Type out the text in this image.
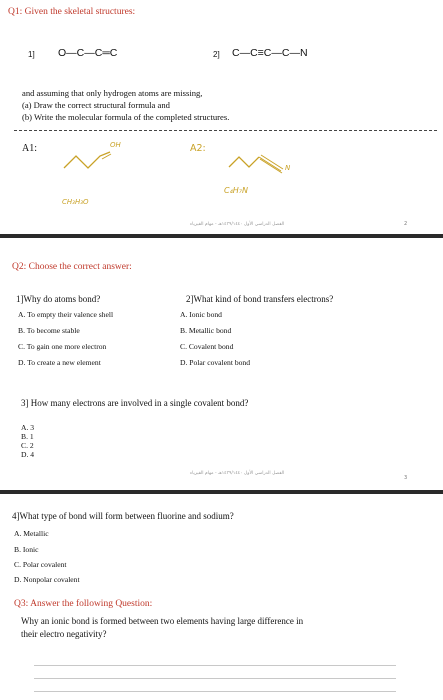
Q1: Given the skeletal structures:
1] O—C—C═C	2] C—C≡C—C—N
and assuming that only hydrogen atoms are missing,
(a) Draw the correct structural formula and
(b) Write the molecular formula of the completed structures.
A1:	A2:
OH
CH₃H₃O
N
C₄H₇N
الفصل الدراسي الأول ١٤٣٩/١٤٤٠هـ - مهام الفيزياء	2
Q2: Choose the correct answer:
1]Why do atoms bond?
A. To empty their valence shell
B. To become stable
C. To gain one more electron
D. To create a new element
2]What kind of bond transfers electrons?
A. Ionic bond
B. Metallic bond
C. Covalent bond
D. Polar covalent bond
3] How many electrons are involved in a single covalent bond?
A. 3
B. 1
C. 2
D. 4
الفصل الدراسي الأول ١٤٣٩/١٤٤٠هـ - مهام الفيزياء
3
4]What type of bond will form between fluorine and sodium?
A. Metallic
B. Ionic
C. Polar covalent
D. Nonpolar covalent
Q3: Answer the following Question:
Why an ionic bond is formed between two elements having large difference in
their electro negativity?
